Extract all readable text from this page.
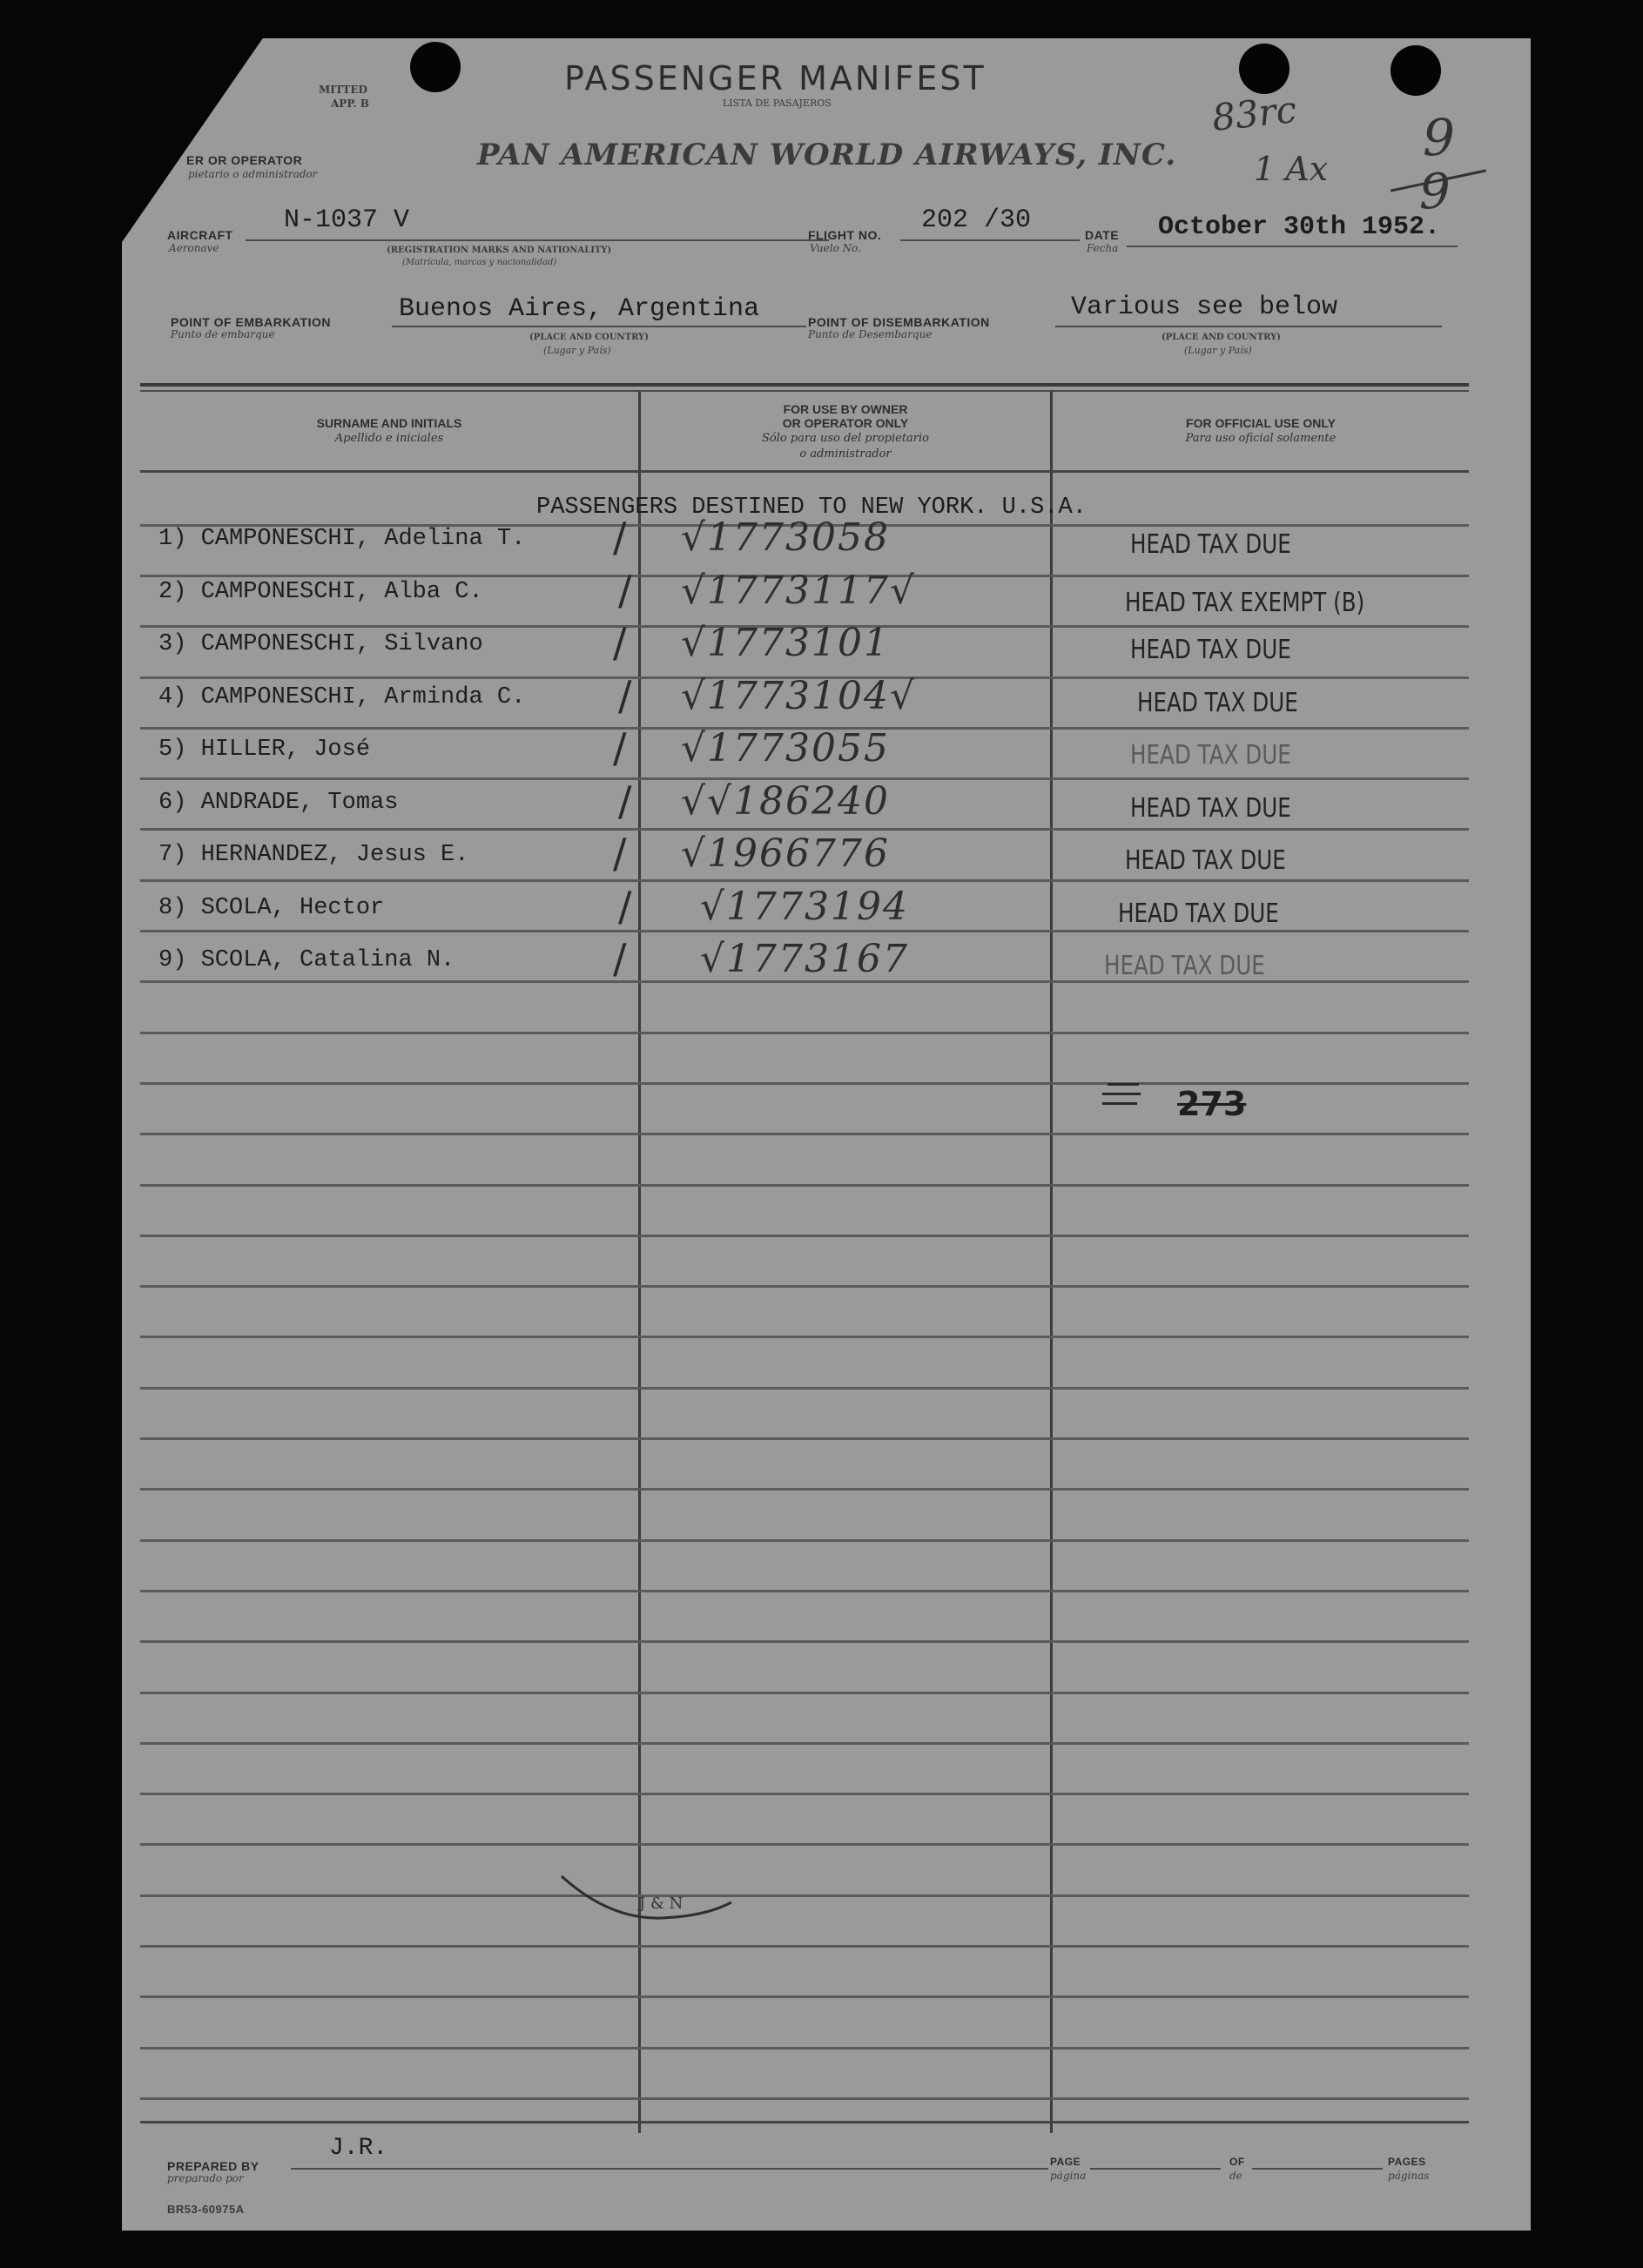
MITTED
APP. B
PASSENGER MANIFEST
LISTA DE PASAJEROS
ER OR OPERATOR
pietario o administrador
PAN AMERICAN WORLD AIRWAYS, INC.
83rc
1 Ax
9
9
AIRCRAFT
Aeronave
N-1037 V
(REGISTRATION MARKS AND NATIONALITY)
(Matrícula, marcas y nacionalidad)
FLIGHT NO.
Vuelo No.
202 /30	DATE
Fecha
October 30th 1952.
POINT OF EMBARKATION
Punto de embarque
Buenos Aires, Argentina
(PLACE AND COUNTRY)
(Lugar y País)
POINT OF DISEMBARKATION
Punto de Desembarque
Various see below
(PLACE AND COUNTRY)
(Lugar y País)
SURNAME AND INITIALS
Apellido e iniciales
FOR USE BY OWNER
OR OPERATOR ONLY
Sólo para uso del propietario
o administrador
FOR OFFICIAL USE ONLY
Para uso oficial solamente
PASSENGERS DESTINED TO NEW YORK. U.S.A.
1) CAMPONESCHI, Adelina T. / √1773058	HEAD TAX DUE
2) CAMPONESCHI, Alba C.	/ √1773117√	HEAD TAX EXEMPT (B)
3) CAMPONESCHI, Silvano	/ √1773101	HEAD TAX DUE
4) CAMPONESCHI, Arminda C. / √1773104√	HEAD TAX DUE
5) HILLER, José	/ √1773055	HEAD TAX DUE
6) ANDRADE, Tomas	/ √√186240	HEAD TAX DUE
7) HERNANDEZ, Jesus E.	/ √1966776	HEAD TAX DUE
8) SCOLA, Hector	/ √1773194	HEAD TAX DUE
9) SCOLA, Catalina N.	/ √1773167	HEAD TAX DUE
273
J & N
PREPARED BY
preparado por
J.R.	PAGE
página
OF
de
PAGES
páginas
BR53-60975A
